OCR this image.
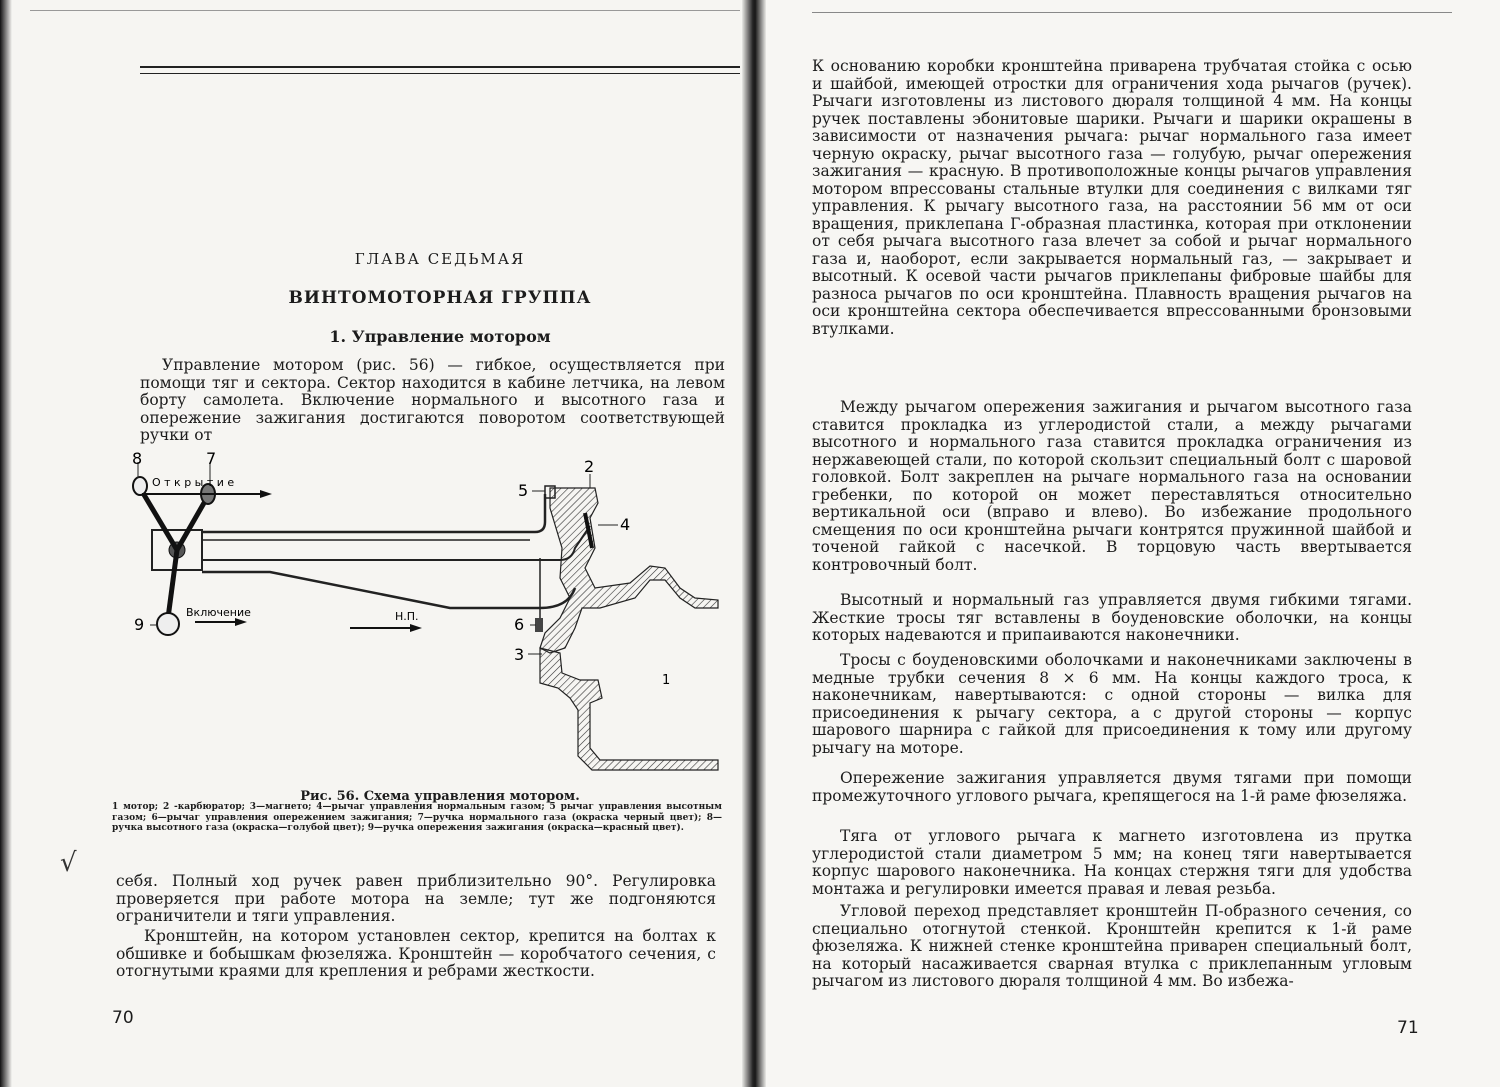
ГЛАВА СЕДЬМАЯ
ВИНТОМОТОРНАЯ ГРУППА
1. Управление мотором
Управление мотором (рис. 56) — гибкое, осуществляется при помощи тяг и сектора. Сектор находится в кабине летчика, на левом борту самолета. Включение нормального и высотного газа и опережение зажигания достигаются поворотом соответствующей ручки от
8	7
9
2
5
4
6
3
1
О т к р ы т и е
Включение	Н.П.
Рис. 56. Схема управления мотором.
1 мотор; 2 -карбюратор; 3—магнето; 4—рычаг управления нормальным газом; 5 рычаг управления высотным газом; 6—рычаг управления опережением зажигания; 7—ручка нормального газа (окраска черный цвет); 8—ручка высотного газа (окраска—голубой цвет); 9—ручка опережения зажигания (окраска—красный цвет).
себя. Полный ход ручек равен приблизительно 90°. Регулировка проверяется при работе мотора на земле; тут же подгоняются ограничители и тяги управления.
Кронштейн, на котором установлен сектор, крепится на болтах к обшивке и бобышкам фюзеляжа. Кронштейн — коробчатого сечения, с отогнутыми краями для крепления и ребрами жесткости.
√
70
К основанию коробки кронштейна приварена трубчатая стойка с осью и шайбой, имеющей отростки для ограничения хода рычагов (ручек). Рычаги изготовлены из листового дюраля толщиной 4 мм. На концы ручек поставлены эбонитовые шарики. Рычаги и шарики окрашены в зависимости от назначения рычага: рычаг нормального газа имеет черную окраску, рычаг высотного газа — голубую, рычаг опережения зажигания — красную. В противоположные концы рычагов управления мотором впрессованы стальные втулки для соединения с вилками тяг управления. К рычагу высотного газа, на расстоянии 56 мм от оси вращения, приклепана Г-образная пластинка, которая при отклонении от себя рычага высотного газа влечет за собой и рычаг нормального газа и, наоборот, если закрывается нормальный газ, — закрывает и высотный. К осевой части рычагов приклепаны фибровые шайбы для разноса рычагов по оси кронштейна. Плавность вращения рычагов на оси кронштейна сектора обеспечивается впрессованными бронзовыми втулками.
Между рычагом опережения зажигания и рычагом высотного газа ставится прокладка из углеродистой стали, а между рычагами высотного и нормального газа ставится прокладка ограничения из нержавеющей стали, по которой скользит специальный болт с шаровой головкой. Болт закреплен на рычаге нормального газа на основании гребенки, по которой он может переставляться относительно вертикальной оси (вправо и влево). Во избежание продольного смещения по оси кронштейна рычаги контрятся пружинной шайбой и точеной гайкой с насечкой. В торцовую часть ввертывается контровочный болт.
Высотный и нормальный газ управляется двумя гибкими тягами. Жесткие тросы тяг вставлены в боуденовские оболочки, на концы которых надеваются и припаиваются наконечники.
Тросы с боуденовскими оболочками и наконечниками заключены в медные трубки сечения 8 × 6 мм. На концы каждого троса, к наконечникам, навертываются: с одной стороны — вилка для присоединения к рычагу сектора, а с другой стороны — корпус шарового шарнира с гайкой для присоединения к тому или другому рычагу на моторе.
Опережение зажигания управляется двумя тягами при помощи промежуточного углового рычага, крепящегося на 1-й раме фюзеляжа.
Тяга от углового рычага к магнето изготовлена из прутка углеродистой стали диаметром 5 мм; на конец тяги навертывается корпус шарового наконечника. На концах стержня тяги для удобства монтажа и регулировки имеется правая и левая резьба.
Угловой переход представляет кронштейн П-образного сечения, со специально отогнутой стенкой. Кронштейн крепится к 1-й раме фюзеляжа. К нижней стенке кронштейна приварен специальный болт, на который насаживается сварная втулка с приклепанным угловым рычагом из листового дюраля толщиной 4 мм. Во избежа-
71
